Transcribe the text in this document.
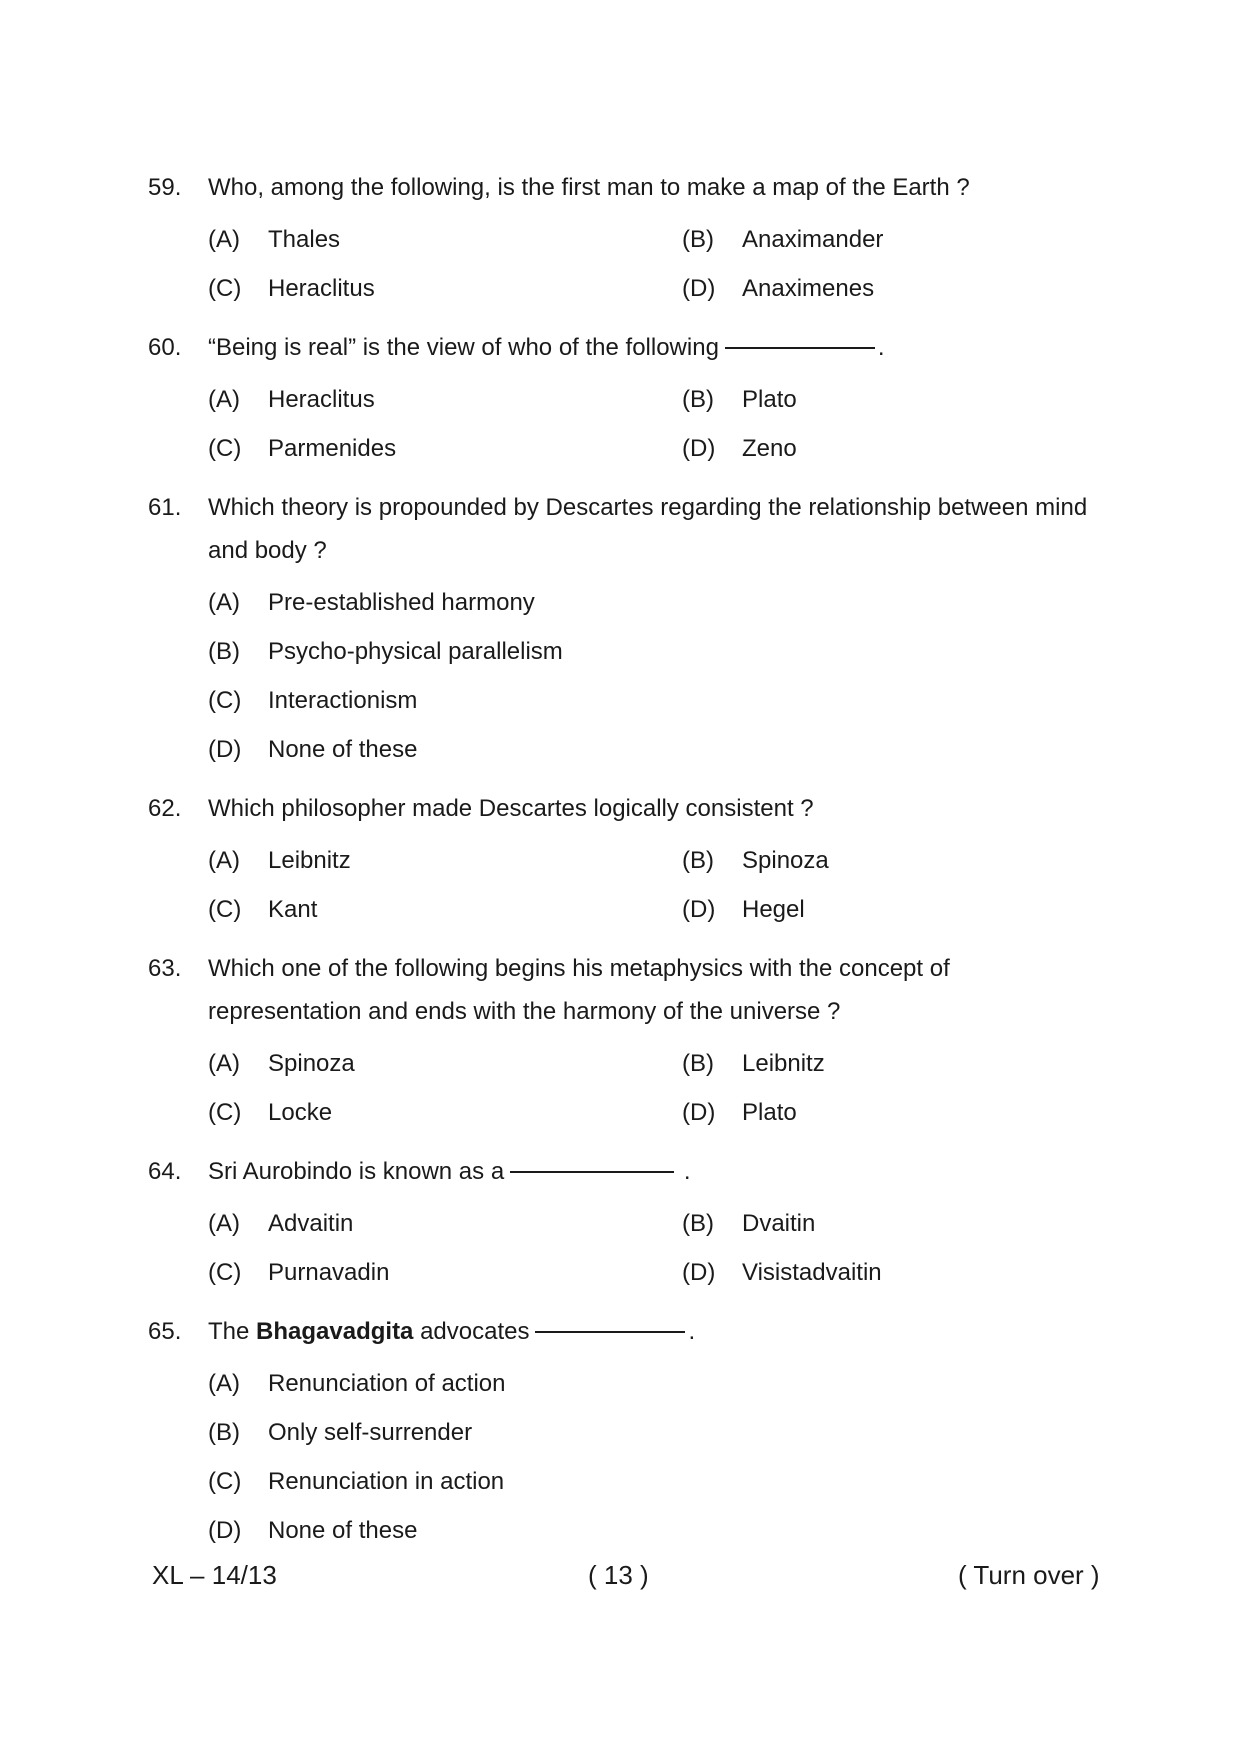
59.	Who, among the following, is the first man to make a map of the Earth ?
(A)	Thales	(B)	Anaximander
(C)	Heraclitus	(D)	Anaximenes
60.	“Being is real” is the view of who of the following	.
(A)	Heraclitus	(B)	Plato
(C)	Parmenides	(D)	Zeno
61.	Which theory is propounded by Descartes regarding the relationship between mind and body ?
(A)	Pre-established harmony
(B)	Psycho-physical parallelism
(C)	Interactionism
(D)	None of these
62.	Which philosopher made Descartes logically consistent ?
(A)	Leibnitz	(B)	Spinoza
(C)	Kant	(D)	Hegel
63.	Which one of the following begins his metaphysics with the concept of representation and ends with the harmony of the universe ?
(A)	Spinoza	(B)	Leibnitz
(C)	Locke	(D)	Plato
64.	Sri Aurobindo is known as a	.
(A)	Advaitin	(B)	Dvaitin
(C)	Purnavadin	(D)	Visistadvaitin
65.	The Bhagavadgita advocates	.
(A)	Renunciation of action
(B)	Only self-surrender
(C)	Renunciation in action
(D)	None of these
XL – 14/13	( 13 )	( Turn over )
